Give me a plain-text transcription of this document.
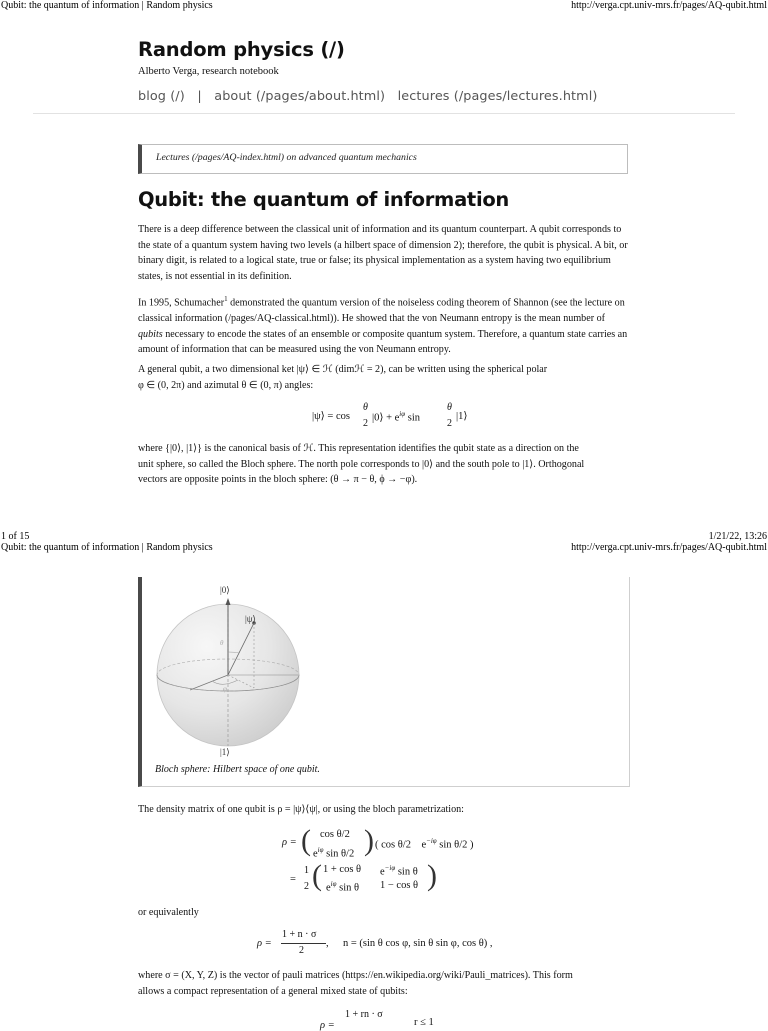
Qubit: the quantum of information | Random physics	http://verga.cpt.univ-mrs.fr/pages/AQ-qubit.html
Random physics (/)
Alberto Verga, research notebook
blog (/) | about (/pages/about.html) lectures (/pages/lectures.html)
Lectures (/pages/AQ-index.html) on advanced quantum mechanics
Qubit: the quantum of information

There is a deep difference between the classical unit of information and its quantum counterpart. A qubit corresponds to the state of a quantum system having two levels (a hilbert space of dimension 2); therefore, the qubit is physical. A bit, or binary digit, is related to a logical state, true or false; its physical implementation as a system having two equilibrium states, is not essential in its definition.

In 1995, Schumacher$^1$ demonstrated the quantum version of the noiseless coding theorem of Shannon (see the lecture on classical information (/pages/AQ-classical.html)). He showed that the von Neumann entropy is the mean number of qubits necessary to encode the states of an ensemble or composite quantum system. Therefore, a quantum state carries an amount of information that can be measured using the von Neumann entropy.

A general qubit, a two dimensional ket |ψ⟩ ∈ ℋ (dimℋ = 2), can be written using the spherical polar
φ ∈ (0, 2π) and azimutal θ ∈ (0, π) angles:
|ψ⟩ = cos
θ
2 |0⟩ + $e^{i\varphi}$ sin
θ
2
|1⟩
where {|0⟩, |1⟩} is the canonical basis of ℋ. This representation identifies the qubit state as a direction on the
unit sphere, so called the Bloch sphere. The north pole corresponds to |0⟩ and the south pole to |1⟩. Orthogonal
vectors are opposite points in the bloch sphere: (θ → π − θ, ϕ → −φ).
1 of 15	1/21/22, 13:26
Qubit: the quantum of information | Random physics	http://verga.cpt.univ-mrs.fr/pages/AQ-qubit.html
|0⟩
|ψ⟩
θ
φ
|1⟩
Bloch sphere: Hilbert space of one qubit.
The density matrix of one qubit is ρ = |ψ⟩⟨ψ|, or using the bloch parametrization:
ρ = ( cos θ/2
$e^{i\varphi}$ sin θ/2 ) ( cos θ/2 $e^{-i\varphi}$ sin θ/2 )
=
1
2 ( 1 + cos θ $e^{-i\varphi}$ sin θ
$e^{i\varphi}$ sin θ 1 − cos θ )
or equivalently
ρ =
1 + n · σ
2
, n = (sin θ cos φ, sin θ sin φ, cos θ) ,
where σ = (X, Y, Z) is the vector of pauli matrices (https://en.wikipedia.org/wiki/Pauli_matrices). This form
allows a compact representation of a general mixed state of qubits:
ρ =
1 + rn · σ
r ≤ 1
